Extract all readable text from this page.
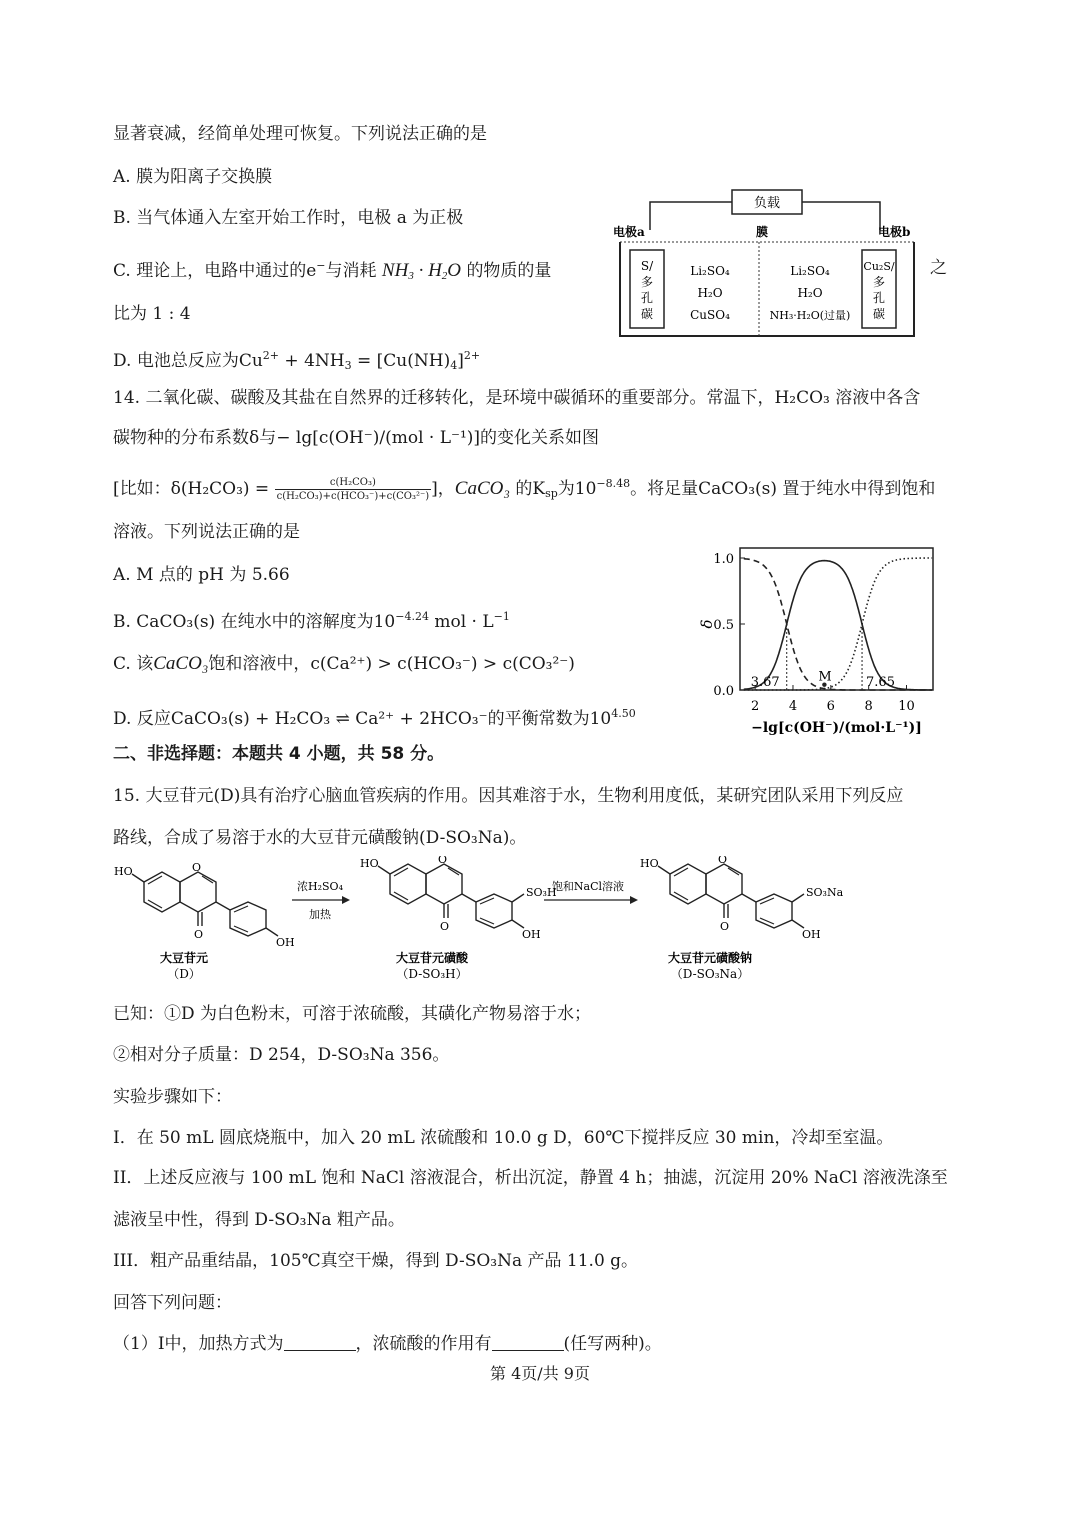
显著衰减，经简单处理可恢复。下列说法正确的是
A. 膜为阳离子交换膜
B. 当气体通入左室开始工作时，电极 a 为正极
C. 理论上，电路中通过的e−与消耗 $NH_3 \cdot H_2O$ 的物质的量	之
比为 1 : 4
D. 电池总反应为$Cu^{2+} + 4NH_3 = [Cu(NH)_4]^{2+}$
负载
电极a	膜	电极b
S/
多
孔
碳
Cu₂S/
多
孔
碳
Li₂SO₄
H₂O
CuSO₄
Li₂SO₄
H₂O
NH₃·H₂O(过量)
14. 二氧化碳、碳酸及其盐在自然界的迁移转化，是环境中碳循环的重要部分。常温下，H₂CO₃ 溶液中各含
碳物种的分布系数δ与− lg[c(OH⁻)/(mol · L⁻¹)]的变化关系如图
[比如：$\delta(H_2CO_3) = \frac{\text{c(H₂CO₃)}}{\text{c(H₂CO₃)+c(HCO₃⁻)+c(CO₃²⁻)}}$ ]，CaCO₃ 的$K_{sp}$为$10^{-8.48}$。将足量CaCO₃(s) 置于纯水中得到饱和
溶液。下列说法正确的是
A. M 点的 pH 为 5.66
B. CaCO₃(s) 在纯水中的溶解度为$10^{-4.24}$ mol · $L^{-1}$
C. 该CaCO₃饱和溶液中，c(Ca²⁺) > c(HCO₃⁻) > c(CO₃²⁻)
D. 反应CaCO₃(s) + H₂CO₃ ⇌ Ca²⁺ + 2HCO₃⁻的平衡常数为$10^{4.50}$
0.0
0.5
1.0
2 4 6 8 10
δ
−lg[c(OH⁻)/(mol·L⁻¹)]
3.67	7.65
M
二、非选择题：本题共 4 小题，共 58 分。
15. 大豆苷元(D)具有治疗心脑血管疾病的作用。因其难溶于水，生物利用度低，某研究团队采用下列反应
路线，合成了易溶于水的大豆苷元磺酸钠(D-SO₃Na)。
HO	O
O
OH
大豆苷元
（D）
浓H₂SO₄
加热
HO	O
O
SO₃H
OH
大豆苷元磺酸
（D-SO₃H）
饱和NaCl溶液
HO	O
O
SO₃Na
OH
大豆苷元磺酸钠
（D-SO₃Na）
已知：①D 为白色粉末，可溶于浓硫酸，其磺化产物易溶于水；
②相对分子质量：D 254，D-SO₃Na 356。
实验步骤如下：
I．在 50 mL 圆底烧瓶中，加入 20 mL 浓硫酸和 10.0 g D，60℃下搅拌反应 30 min，冷却至室温。
II．上述反应液与 100 mL 饱和 NaCl 溶液混合，析出沉淀，静置 4 h；抽滤，沉淀用 20% NaCl 溶液洗涤至
滤液呈中性，得到 D-SO₃Na 粗产品。
III．粗产品重结晶，105℃真空干燥，得到 D-SO₃Na 产品 11.0 g。
回答下列问题：
（1）I中，加热方式为	，浓硫酸的作用有	(任写两种)。
第 4页/共 9页
